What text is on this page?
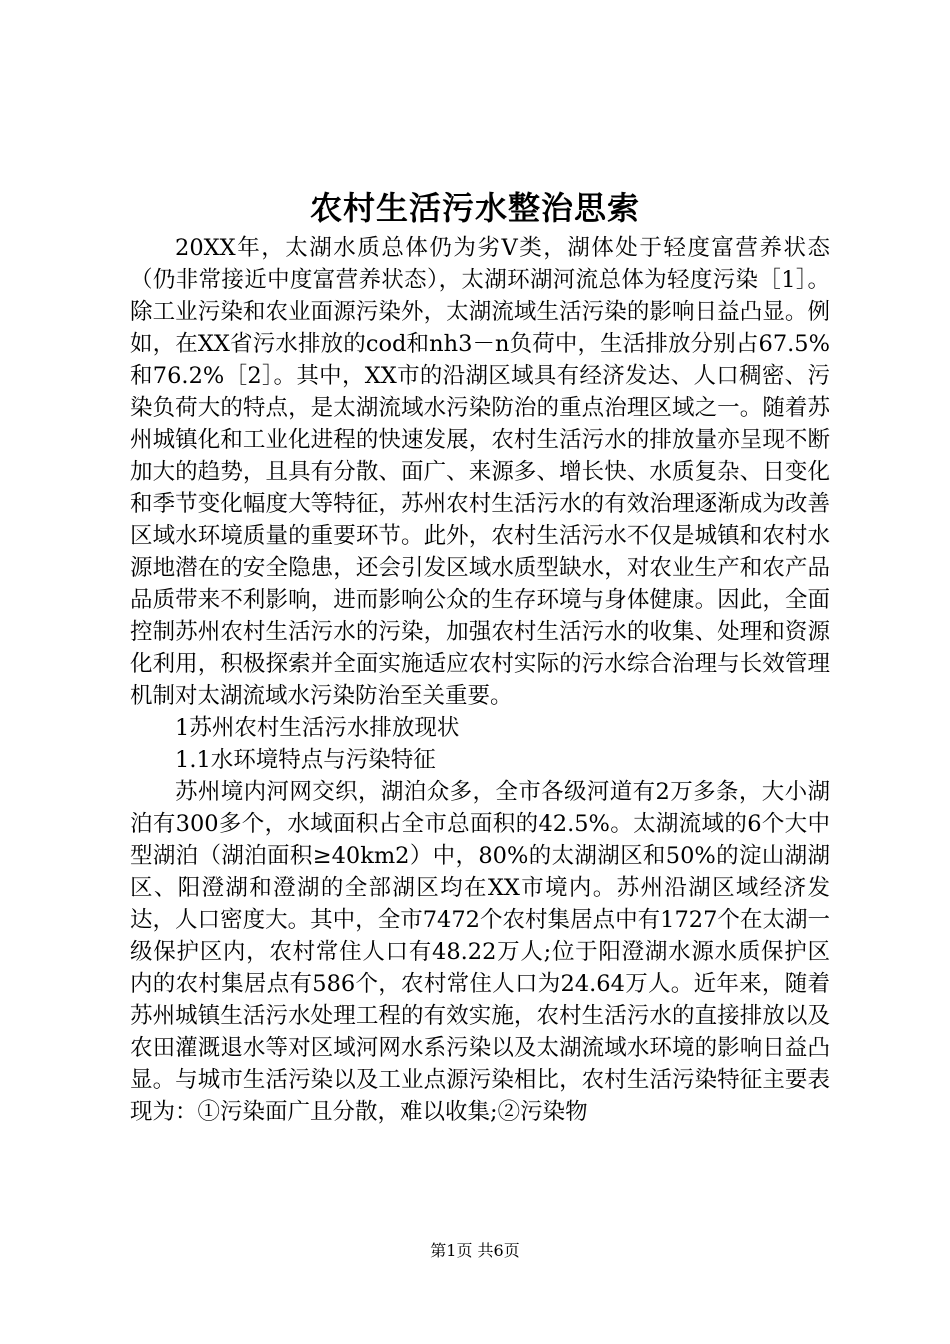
农村生活污水整治思索

20XX年，太湖水质总体仍为劣Ⅴ类，湖体处于轻度富营养状态（仍非常接近中度富营养状态），太湖环湖河流总体为轻度污染［1］。除工业污染和农业面源污染外，太湖流域生活污染的影响日益凸显。例如，在XX省污水排放的cod和nh3－n负荷中，生活排放分别占67.5%和76.2%［2］。其中，XX市的沿湖区域具有经济发达、人口稠密、污染负荷大的特点，是太湖流域水污染防治的重点治理区域之一。随着苏州城镇化和工业化进程的快速发展，农村生活污水的排放量亦呈现不断加大的趋势，且具有分散、面广、来源多、增长快、水质复杂、日变化和季节变化幅度大等特征，苏州农村生活污水的有效治理逐渐成为改善区域水环境质量的重要环节。此外，农村生活污水不仅是城镇和农村水源地潜在的安全隐患，还会引发区域水质型缺水，对农业生产和农产品品质带来不利影响，进而影响公众的生存环境与身体健康。因此，全面控制苏州农村生活污水的污染，加强农村生活污水的收集、处理和资源化利用，积极探索并全面实施适应农村实际的污水综合治理与长效管理机制对太湖流域水污染防治至关重要。

1苏州农村生活污水排放现状

1.1水环境特点与污染特征

苏州境内河网交织，湖泊众多，全市各级河道有2万多条，大小湖泊有300多个，水域面积占全市总面积的42.5%。太湖流域的6个大中型湖泊（湖泊面积≥40km2）中，80%的太湖湖区和50%的淀山湖湖区、阳澄湖和澄湖的全部湖区均在XX市境内。苏州沿湖区域经济发达，人口密度大。其中，全市7472个农村集居点中有1727个在太湖一级保护区内，农村常住人口有48.22万人;位于阳澄湖水源水质保护区内的农村集居点有586个，农村常住人口为24.64万人。近年来，随着苏州城镇生活污水处理工程的有效实施，农村生活污水的直接排放以及农田灌溉退水等对区域河网水系污染以及太湖流域水环境的影响日益凸显。与城市生活污染以及工业点源污染相比，农村生活污染特征主要表现为：①污染面广且分散，难以收集;②污染物

第1页 共6页
